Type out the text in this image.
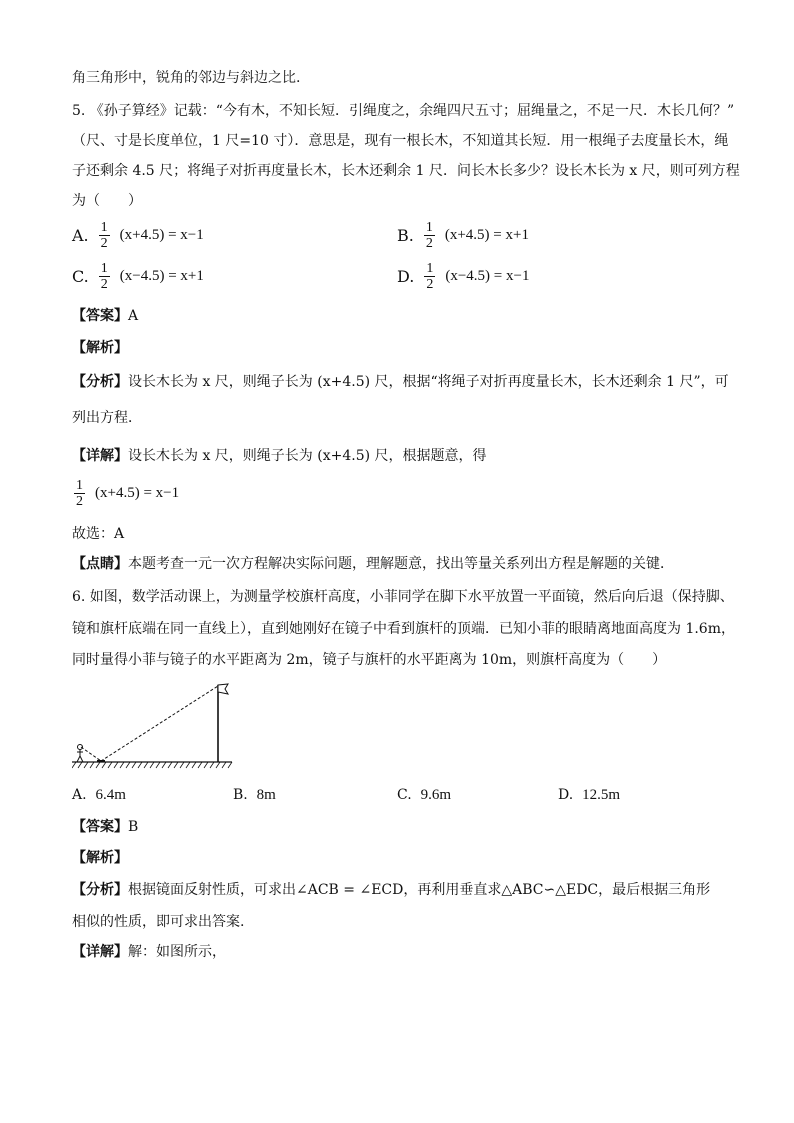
角三角形中，锐角的邻边与斜边之比.
5. 《孙子算经》记载：“今有木，不知长短．引绳度之，余绳四尺五寸；屈绳量之，不足一尺．木长几何？”
（尺、寸是长度单位，1 尺=10 寸）．意思是，现有一根长木，不知道其长短．用一根绳子去度量长木，绳
子还剩余 4.5 尺；将绳子对折再度量长木，长木还剩余 1 尺．问长木长多少？设长木长为 x 尺，则可列方程
为（　　）
A. $\frac{1}{2} (x+4.5) = x-1$	B. $\frac{1}{2} (x+4.5) = x+1$
C. $\frac{1}{2} (x-4.5) = x+1$	D. $\frac{1}{2} (x-4.5) = x-1$
【答案】A
【解析】
【分析】设长木长为 x 尺，则绳子长为 (x+4.5) 尺，根据“将绳子对折再度量长木，长木还剩余 1 尺”，可
列出方程．
【详解】设长木长为 x 尺，则绳子长为 (x+4.5) 尺，根据题意，得
$\frac{1}{2} (x+4.5) = x-1$
故选：A
【点睛】本题考查一元一次方程解决实际问题，理解题意，找出等量关系列出方程是解题的关键．
6. 如图，数学活动课上，为测量学校旗杆高度，小菲同学在脚下水平放置一平面镜，然后向后退（保持脚、
镜和旗杆底端在同一直线上），直到她刚好在镜子中看到旗杆的顶端．已知小菲的眼睛离地面高度为 1.6m，
同时量得小菲与镜子的水平距离为 2m，镜子与旗杆的水平距离为 10m，则旗杆高度为（　　）
A. 6.4m	B. 8m	C. 9.6m	D. 12.5m
【答案】B
【解析】
【分析】根据镜面反射性质，可求出∠ACB = ∠ECD，再利用垂直求△ABC∽△EDC，最后根据三角形
相似的性质，即可求出答案.
【详解】解：如图所示，
